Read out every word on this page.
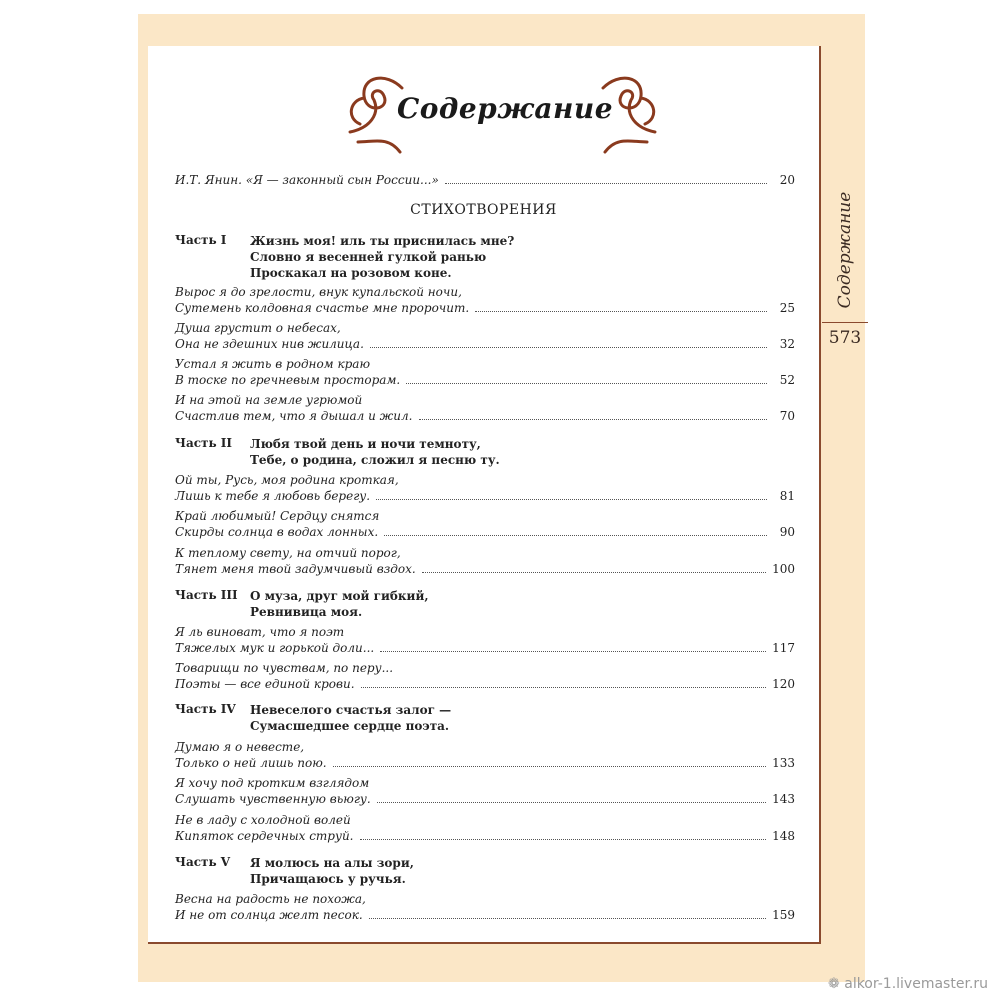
Содержание
Содержание
573
И.Т. Янин. «Я — законный сын России...»	20
СТИХОТВОРЕНИЯ
Часть I	Жизнь моя! иль ты приснилась мне?
Словно я весенней гулкой ранью
Проскакал на розовом коне.
Вырос я до зрелости, внук купальской ночи,
Сутемень колдовная счастье мне пророчит.	25
Душа грустит о небесах,
Она не здешних нив жилица.	32
Устал я жить в родном краю
В тоске по гречневым просторам.	52
И на этой на земле угрюмой
Счастлив тем, что я дышал и жил.	70
Часть II	Любя твой день и ночи темноту,
Тебе, о родина, сложил я песню ту.
Ой ты, Русь, моя родина кроткая,
Лишь к тебе я любовь берегу.	81
Край любимый! Сердцу снятся
Скирды солнца в водах лонных.	90
К теплому свету, на отчий порог,
Тянет меня твой задумчивый вздох.	100
Часть III	О муза, друг мой гибкий,
Ревнивица моя.
Я ль виноват, что я поэт
Тяжелых мук и горькой доли...	117
Товарищи по чувствам, по перу...
Поэты — все единой крови.	120
Часть IV	Невеселого счастья залог —
Сумасшедшее сердце поэта.
Думаю я о невесте,
Только о ней лишь пою.	133
Я хочу под кротким взглядом
Слушать чувственную вьюгу.	143
Не в ладу с холодной волей
Кипяток сердечных струй.	148
Часть V	Я молюсь на алы зори,
Причащаюсь у ручья.
Весна на радость не похожа,
И не от солнца желт песок.	159
❁ alkor-1.livemaster.ru
